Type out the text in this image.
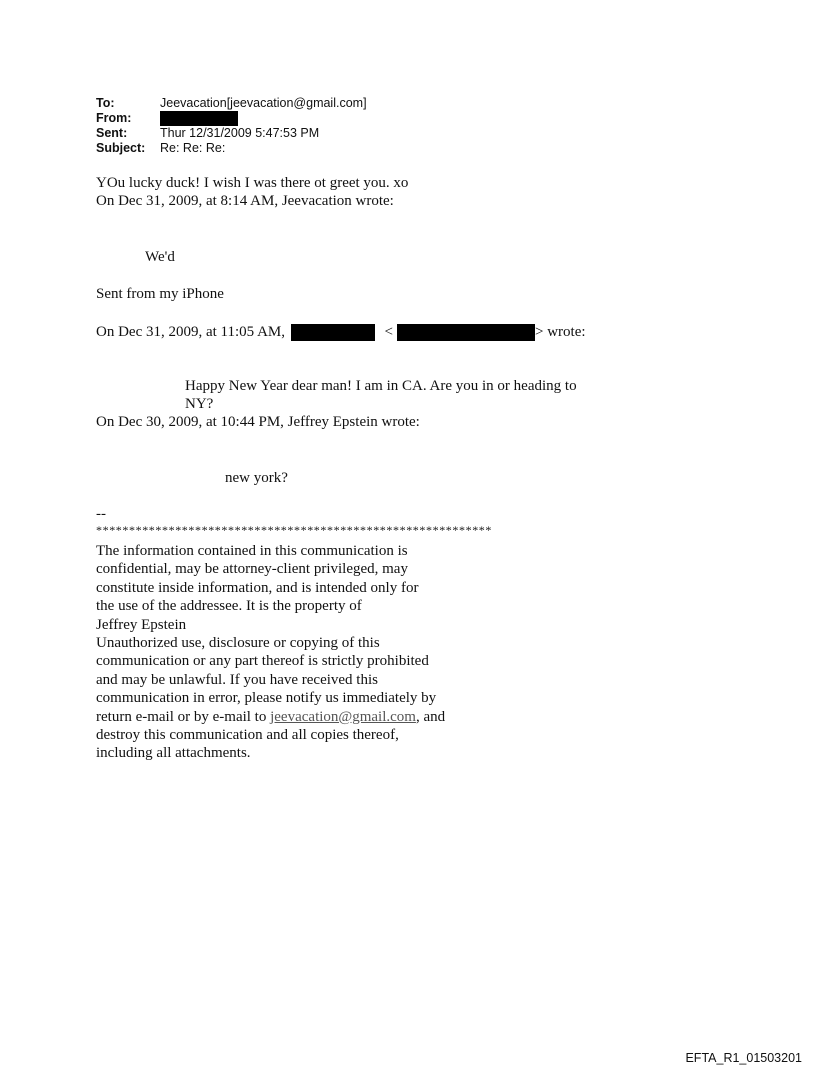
To:	Jeevacation[jeevacation@gmail.com]
From:
Sent:	Thur 12/31/2009 5:47:53 PM
Subject:	Re: Re: Re:
YOu lucky duck! I wish I was there ot greet you. xo
On Dec 31, 2009, at 8:14 AM, Jeevacation wrote:
We'd
Sent from my iPhone
On Dec 31, 2009, at 11:05 AM,	<	> wrote:
Happy New Year dear man! I am in CA. Are you in or heading to
NY?
On Dec 30, 2009, at 10:44 PM, Jeffrey Epstein wrote:
new york?
--
************************************************************
The information contained in this communication is
confidential, may be attorney-client privileged, may
constitute inside information, and is intended only for
the use of the addressee. It is the property of
Jeffrey Epstein
Unauthorized use, disclosure or copying of this
communication or any part thereof is strictly prohibited
and may be unlawful. If you have received this
communication in error, please notify us immediately by
return e-mail or by e-mail to jeevacation@gmail.com, and
destroy this communication and all copies thereof,
including all attachments.
EFTA_R1_01503201
